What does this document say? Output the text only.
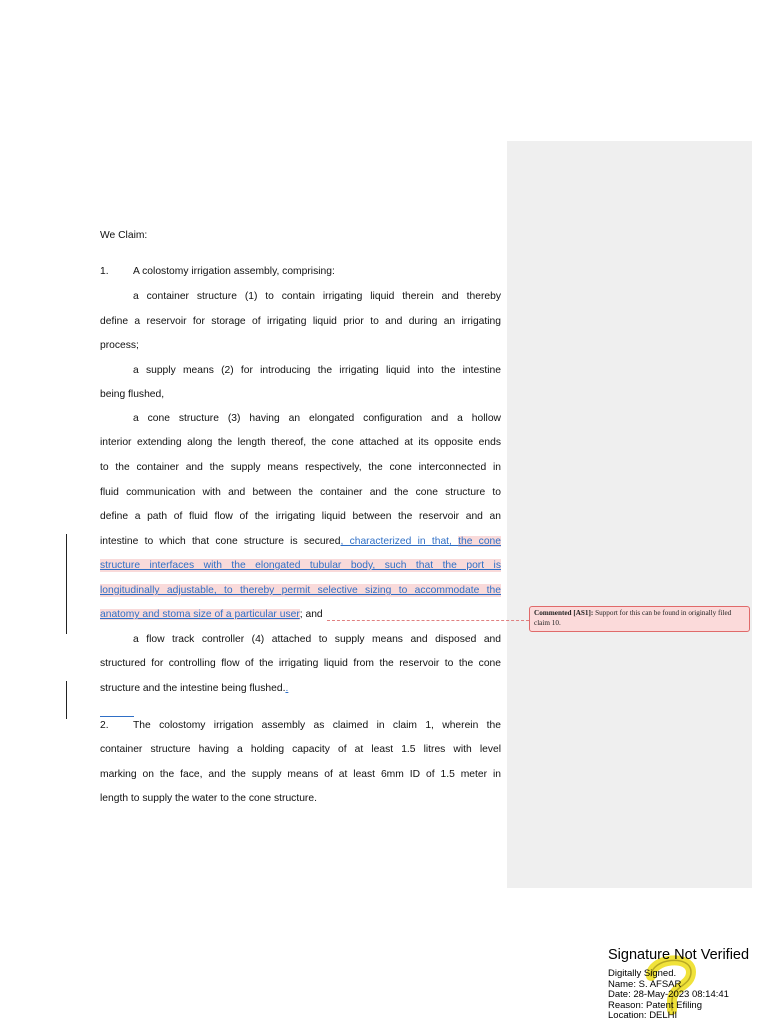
We Claim:
1. A colostomy irrigation assembly, comprising:
a container structure (1) to contain irrigating liquid therein and thereby
define a reservoir for storage of irrigating liquid prior to and during an irrigating
process;
a supply means (2) for introducing the irrigating liquid into the intestine
being flushed,
a cone structure (3) having an elongated configuration and a hollow
interior extending along the length thereof, the cone attached at its opposite ends
to the container and the supply means respectively, the cone interconnected in
fluid communication with and between the container and the cone structure to
define a path of fluid flow of the irrigating liquid between the reservoir and an
intestine to which that cone structure is secured, characterized in that, the cone
structure interfaces with the elongated tubular body, such that the port is
longitudinally adjustable, to thereby permit selective sizing to accommodate the
anatomy and stoma size of a particular user; and
a flow track controller (4) attached to supply means and disposed and
structured for controlling flow of the irrigating liquid from the reservoir to the cone
structure and the intestine being flushed..
2. The colostomy irrigation assembly as claimed in claim 1, wherein the
container structure having a holding capacity of at least 1.5 litres with level
marking on the face, and the supply means of at least 6mm ID of 1.5 meter in
length to supply the water to the cone structure.
Commented [AS1]: Support for this can be found in originally filed claim 10.
Signature Not Verified
Digitally Signed.
Name: S. AFSAR
Date: 28-May-2023 08:14:41
Reason: Patent Efiling
Location: DELHI
